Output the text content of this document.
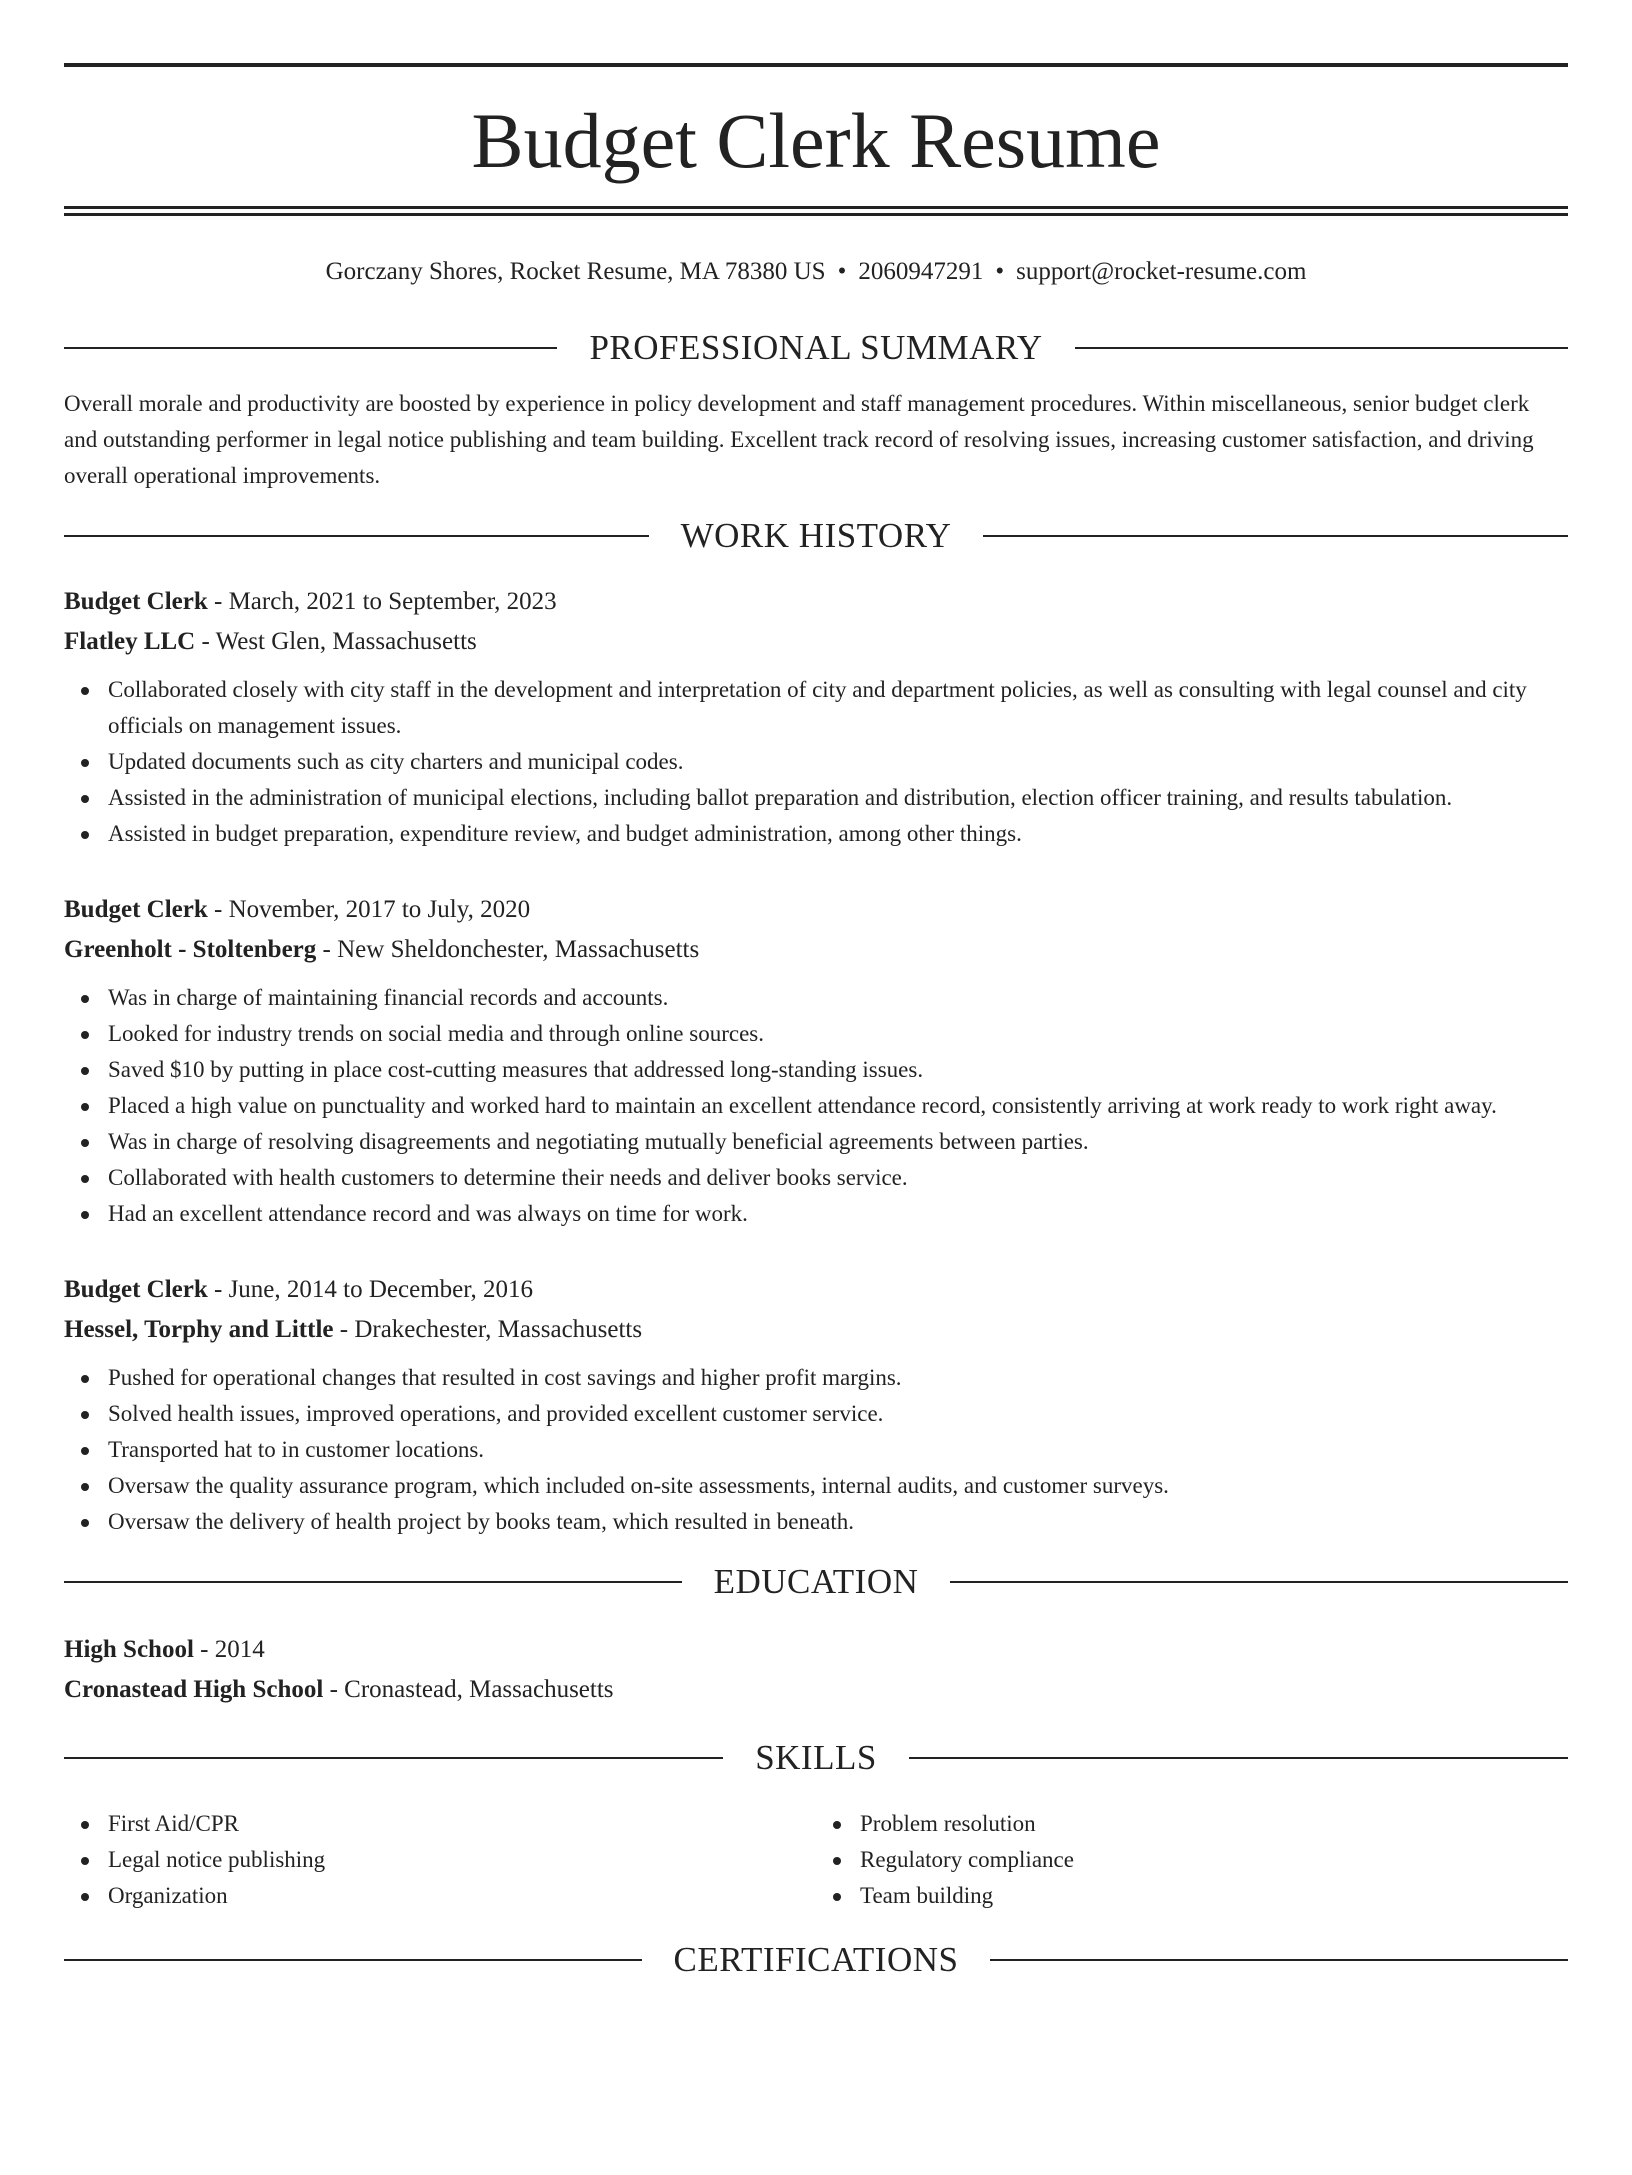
Budget Clerk Resume
Gorczany Shores, Rocket Resume, MA 78380 US • 2060947291 • support@rocket-resume.com
PROFESSIONAL SUMMARY
Overall morale and productivity are boosted by experience in policy development and staff management procedures. Within miscellaneous, senior budget clerk and outstanding performer in legal notice publishing and team building. Excellent track record of resolving issues, increasing customer satisfaction, and driving overall operational improvements.
WORK HISTORY
Budget Clerk - March, 2021 to September, 2023
Flatley LLC - West Glen, Massachusetts
Collaborated closely with city staff in the development and interpretation of city and department policies, as well as consulting with legal counsel and city officials on management issues.
Updated documents such as city charters and municipal codes.
Assisted in the administration of municipal elections, including ballot preparation and distribution, election officer training, and results tabulation.
Assisted in budget preparation, expenditure review, and budget administration, among other things.
Budget Clerk - November, 2017 to July, 2020
Greenholt - Stoltenberg - New Sheldonchester, Massachusetts
Was in charge of maintaining financial records and accounts.
Looked for industry trends on social media and through online sources.
Saved $10 by putting in place cost-cutting measures that addressed long-standing issues.
Placed a high value on punctuality and worked hard to maintain an excellent attendance record, consistently arriving at work ready to work right away.
Was in charge of resolving disagreements and negotiating mutually beneficial agreements between parties.
Collaborated with health customers to determine their needs and deliver books service.
Had an excellent attendance record and was always on time for work.
Budget Clerk - June, 2014 to December, 2016
Hessel, Torphy and Little - Drakechester, Massachusetts
Pushed for operational changes that resulted in cost savings and higher profit margins.
Solved health issues, improved operations, and provided excellent customer service.
Transported hat to in customer locations.
Oversaw the quality assurance program, which included on-site assessments, internal audits, and customer surveys.
Oversaw the delivery of health project by books team, which resulted in beneath.
EDUCATION
High School - 2014
Cronastead High School - Cronastead, Massachusetts
SKILLS
First Aid/CPR
Legal notice publishing
Organization
Problem resolution
Regulatory compliance
Team building
CERTIFICATIONS
